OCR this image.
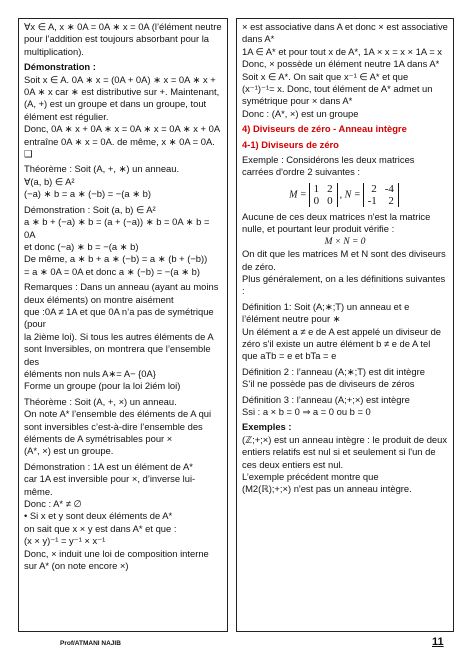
∀x ∈ A, x ∗ 0A = 0A ∗ x = 0A (l’élément neutre pour l’addition est toujours absorbant pour la multiplication).

Démonstration :

Soit x ∈ A. 0A ∗ x = (0A + 0A) ∗ x = 0A ∗ x + 0A ∗ x car ∗ est distributive sur +. Maintenant, (A, +) est un groupe et dans un groupe, tout élément est régulier.

Donc, 0A ∗ x + 0A ∗ x = 0A ∗ x = 0A ∗ x + 0A

entraîne 0A ∗ x = 0A. de même, x ∗ 0A = 0A. ❑

Théorème : Soit (A, +, ∗) un anneau.

∀(a, b) ∈ A²

(−a) ∗ b = a ∗ (−b) = −(a ∗ b)

Démonstration : Soit (a, b) ∈ A²

a ∗ b + (−a) ∗ b = (a + (−a)) ∗ b = 0A ∗ b = 0A

et donc (−a) ∗ b = −(a ∗ b)

De même, a ∗ b + a ∗ (−b) = a ∗ (b + (−b))

= a ∗ 0A = 0A et donc a ∗ (−b) = −(a ∗ b)

Remarques : Dans un anneau (ayant au moins deux éléments) on montre aisément

que :0A ≠ 1A et que 0A n’a pas de symétrique (pour

la 2ième loi). Si tous les autres éléments de A sont Inversibles, on montrera que l’ensemble des

éléments non nuls A∗= A− {0A}

Forme un groupe (pour la loi 2iém loi)

Théorème : Soit (A, +, ×) un anneau.

On note A* l’ensemble des éléments de A qui sont inversibles c’est-à-dire l’ensemble des éléments de A symétrisables pour ×

(A*, ×) est un groupe.

Démonstration : 1A est un élément de A*

car 1A est inversible pour ×, d’inverse lui-même.

Donc : A* ≠ ∅

• Si x et y sont deux éléments de A*

on sait que x × y est dans A* et que :

(x × y)⁻¹ = y⁻¹ × x⁻¹

Donc, × induit une loi de composition interne sur A* (on note encore ×)

× est associative dans A et donc × est associative dans A*

1A ∈ A* et pour tout x de A*, 1A × x = x × 1A = x

Donc, × possède un élément neutre 1A dans A*

Soit x ∈ A*. On sait que x⁻¹ ∈ A* et que

(x⁻¹)⁻¹= x. Donc, tout élément de A* admet un symétrique pour × dans A*

Donc : (A*, ×) est un groupe

4) Diviseurs de zéro - Anneau intègre

4-1) Diviseurs de zéro

Exemple : Considérons les deux matrices carrées d'ordre 2 suivantes :

M = 1	2
0	0
, N = 2	-4
-1	2

Aucune de ces deux matrices n'est la matrice nulle, et pourtant leur produit vérifie :

M × N = 0

On dit que les matrices M et N sont des diviseurs de zéro.

Plus généralement, on a les définitions suivantes :

Définition 1: Soit (A;∗;T) un anneau et e

l’élément neutre pour ∗

Un élément a ≠ e de A est appelé un diviseur de zéro s'il existe un autre élément b ≠ e de A tel que aTb = e et bTa = e

Définition 2 : l’anneau (A;∗;T) est dit intègre

S’il ne possède pas de diviseurs de zéros

Définition 3 : l’anneau (A;+;×) est intègre

Ssi : a × b = 0 ⇒ a = 0 ou b = 0

Exemples :

(ℤ;+;×) est un anneau intègre : le produit de deux entiers relatifs est nul si et seulement si l'un de ces deux entiers est nul.

L’exemple précédent montre que

(M2(ℝ);+;×) n'est pas un anneau intègre.

Prof/ATMANI NAJIB	11
